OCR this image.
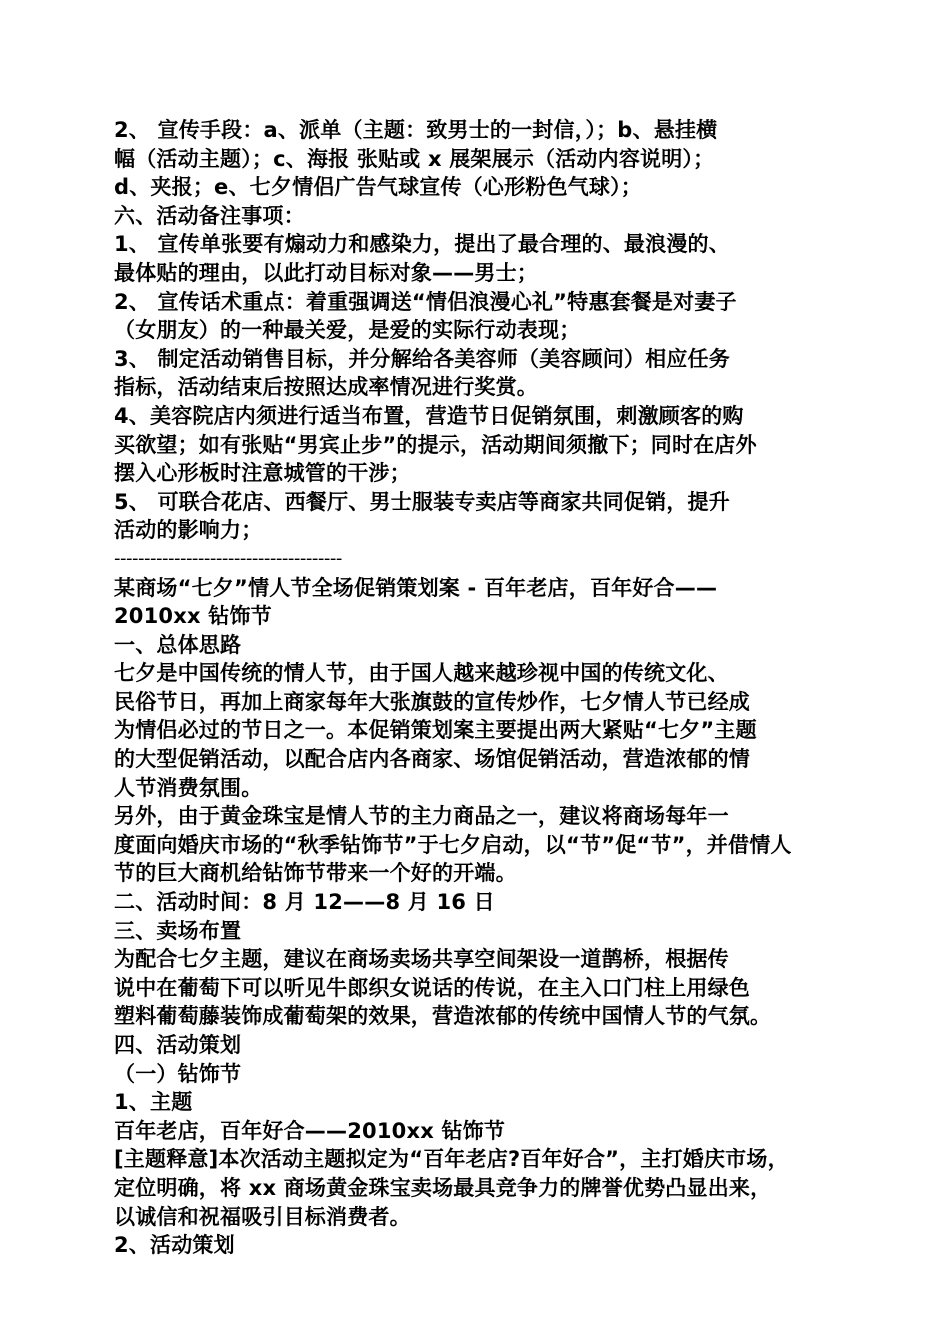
2、 宣传手段：a、派单（主题：致男士的一封信，）；b、悬挂横
幅（活动主题）；c、海报 张贴或 x 展架展示（活动内容说明）；
d、夹报；e、七夕情侣广告气球宣传（心形粉色气球）；
六、活动备注事项：
1、 宣传单张要有煽动力和感染力，提出了最合理的、最浪漫的、
最体贴的理由，以此打动目标对象——男士；
2、 宣传话术重点：着重强调送“情侣浪漫心礼”特惠套餐是对妻子
（女朋友）的一种最关爱，是爱的实际行动表现；
3、 制定活动销售目标，并分解给各美容师（美容顾问）相应任务
指标，活动结束后按照达成率情况进行奖赏。
4、美容院店内须进行适当布置，营造节日促销氛围，刺激顾客的购
买欲望；如有张贴“男宾止步”的提示，活动期间须撤下；同时在店外
摆入心形板时注意城管的干涉；
5、 可联合花店、西餐厅、男士服装专卖店等商家共同促销，提升
活动的影响力；
--------------------------------------
某商场“七夕”情人节全场促销策划案 - 百年老店，百年好合——
2010xx 钻饰节
一、总体思路
七夕是中国传统的情人节，由于国人越来越珍视中国的传统文化、
民俗节日，再加上商家每年大张旗鼓的宣传炒作，七夕情人节已经成
为情侣必过的节日之一。本促销策划案主要提出两大紧贴“七夕”主题
的大型促销活动，以配合店内各商家、场馆促销活动，营造浓郁的情
人节消费氛围。
另外，由于黄金珠宝是情人节的主力商品之一，建议将商场每年一
度面向婚庆市场的“秋季钻饰节”于七夕启动，以“节”促“节”，并借情人
节的巨大商机给钻饰节带来一个好的开端。
二、活动时间：8 月 12——8 月 16 日
三、卖场布置
为配合七夕主题，建议在商场卖场共享空间架设一道鹊桥，根据传
说中在葡萄下可以听见牛郎织女说话的传说，在主入口门柱上用绿色
塑料葡萄藤装饰成葡萄架的效果，营造浓郁的传统中国情人节的气氛。
四、活动策划
（一）钻饰节
1、主题
百年老店，百年好合——2010xx 钻饰节
[主题释意]本次活动主题拟定为“百年老店?百年好合”，主打婚庆市场，
定位明确，将 xx 商场黄金珠宝卖场最具竞争力的牌誉优势凸显出来，
以诚信和祝福吸引目标消费者。
2、活动策划
